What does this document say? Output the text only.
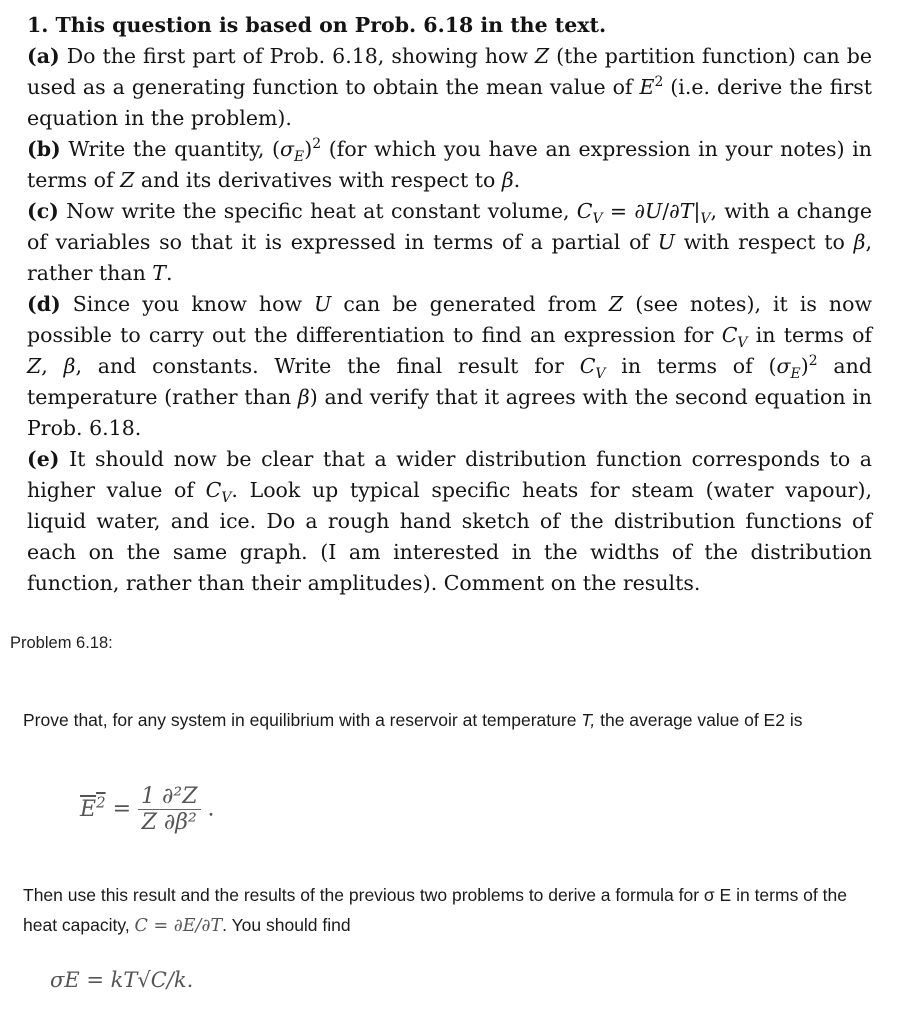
1. This question is based on Prob. 6.18 in the text.

(a) Do the first part of Prob. 6.18, showing how Z (the partition function) can be used as a generating function to obtain the mean value of $E^2$ (i.e. derive the first equation in the problem).

(b) Write the quantity, $(\sigma_E)^2$ (for which you have an expression in your notes) in terms of Z and its derivatives with respect to β.

(c) Now write the specific heat at constant volume, $C_V = \partial U/\partial T|_V$, with a change of variables so that it is expressed in terms of a partial of U with respect to β, rather than T.

(d) Since you know how U can be generated from Z (see notes), it is now possible to carry out the differentiation to find an expression for $C_V$ in terms of Z, β, and constants. Write the final result for $C_V$ in terms of $(\sigma_E)^2$ and temperature (rather than β) and verify that it agrees with the second equation in Prob. 6.18.

(e) It should now be clear that a wider distribution function corresponds to a higher value of $C_V$. Look up typical specific heats for steam (water vapour), liquid water, and ice. Do a rough hand sketch of the distribution functions of each on the same graph. (I am interested in the widths of the distribution function, rather than their amplitudes). Comment on the results.

Problem 6.18:
Prove that, for any system in equilibrium with a reservoir at temperature T, the average value of E2 is
$E^2 = \frac{\text{1 ∂²Z}}{\text{Z ∂β²}}$ .
Then use this result and the results of the previous two problems to derive a formula for σ E in terms of the heat capacity, C = ∂E/∂T. You should find
σE = kT√C/k.
